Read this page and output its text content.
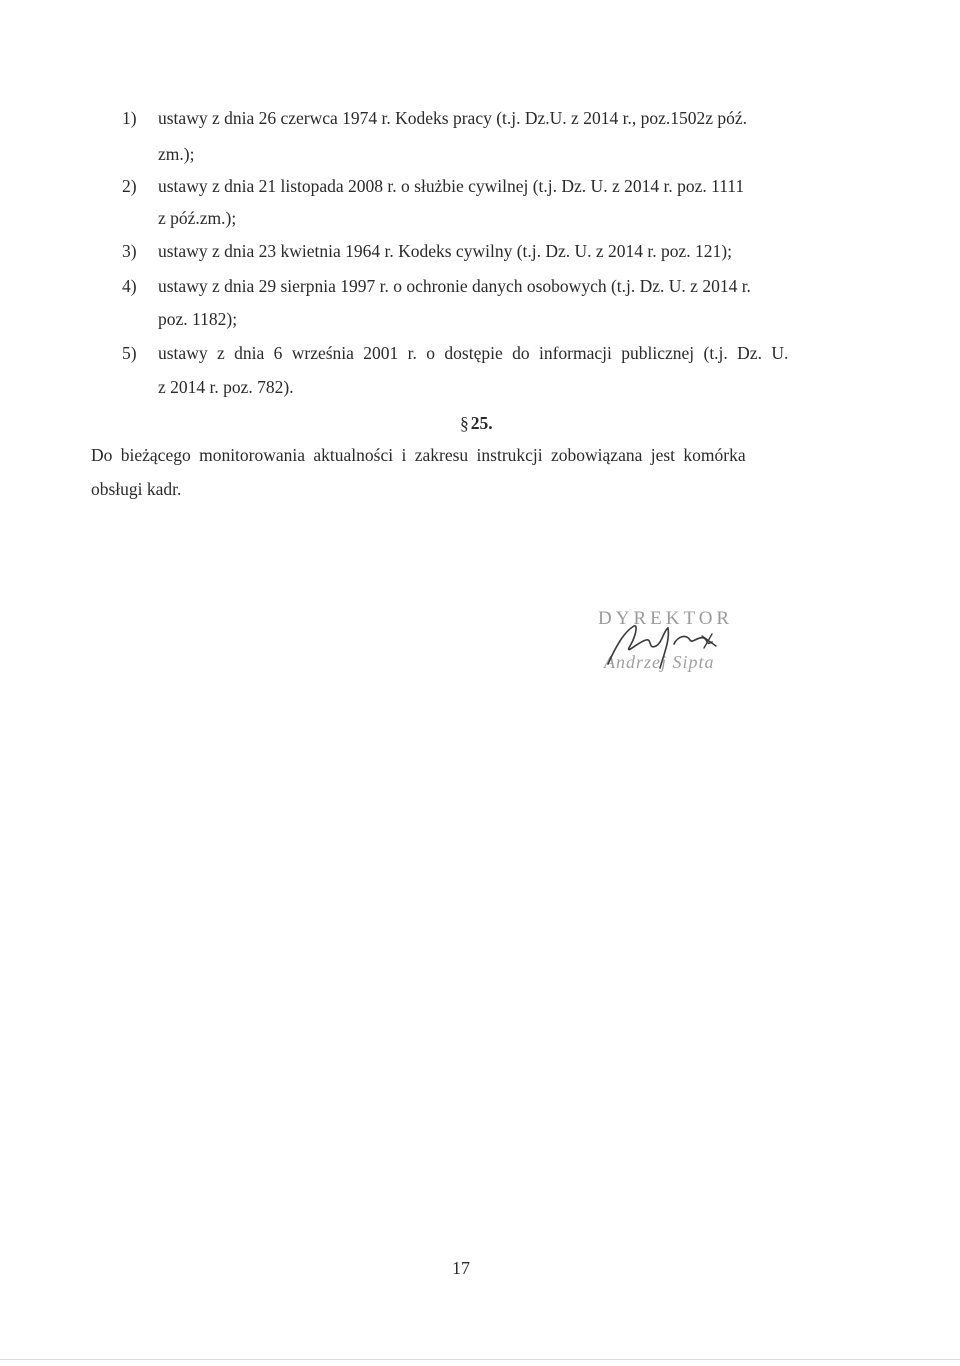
1) ustawy z dnia 26 czerwca 1974 r. Kodeks pracy (t.j. Dz.U. z 2014 r., poz.1502z póź.
zm.);
2) ustawy z dnia 21 listopada 2008 r. o służbie cywilnej (t.j. Dz. U. z 2014 r. poz. 1111
z póź.zm.);
3) ustawy z dnia 23 kwietnia 1964 r. Kodeks cywilny (t.j. Dz. U. z 2014 r. poz. 121);
4) ustawy z dnia 29 sierpnia 1997 r. o ochronie danych osobowych (t.j. Dz. U. z 2014 r.
poz. 1182);
5) ustawy z dnia 6 września 2001 r. o dostępie do informacji publicznej (t.j. Dz. U.
z 2014 r. poz. 782).
§ 25.
Do bieżącego monitorowania aktualności i zakresu instrukcji zobowiązana jest komórka
obsługi kadr.
DYREKTOR
Andrzej Sipta
17
